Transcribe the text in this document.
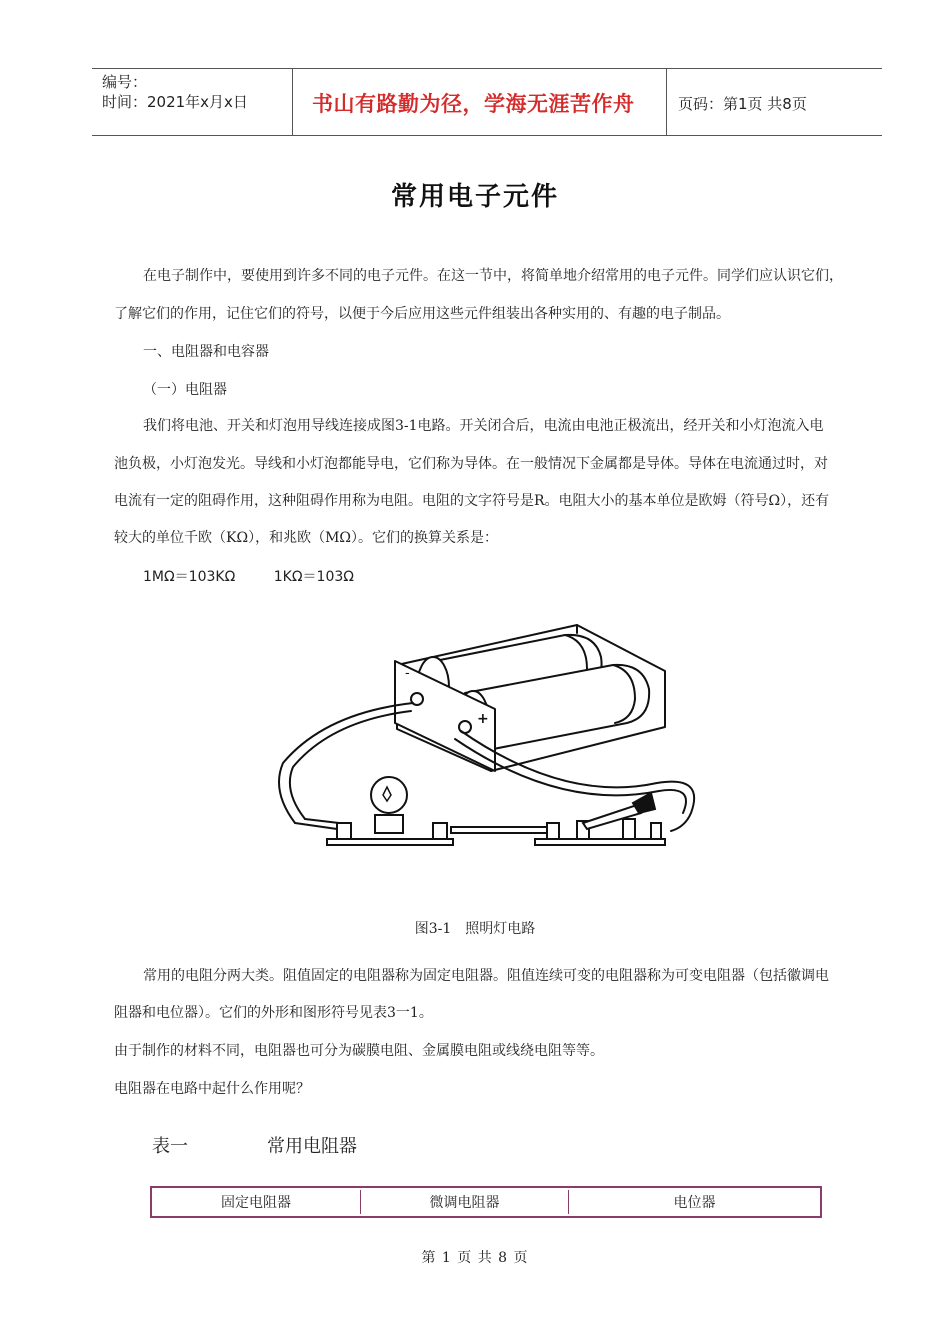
编号：
时间：2021年x月x日	书山有路勤为径，学海无涯苦作舟	页码：第1页 共8页
常用电子元件
在电子制作中，要使用到许多不同的电子元件。在这一节中，将简单地介绍常用的电子元件。同学们应认识它们，
了解它们的作用，记住它们的符号，以便于今后应用这些元件组装出各种实用的、有趣的电子制品。
一、电阻器和电容器
（一）电阻器
我们将电池、开关和灯泡用导线连接成图3-1电路。开关闭合后，电流由电池正极流出，经开关和小灯泡流入电
池负极，小灯泡发光。导线和小灯泡都能导电，它们称为导体。在一般情况下金属都是导体。导体在电流通过时，对
电流有一定的阻碍作用，这种阻碍作用称为电阻。电阻的文字符号是R。电阻大小的基本单位是欧姆（符号Ω），还有
较大的单位千欧（KΩ），和兆欧（MΩ）。它们的换算关系是：
1MΩ＝103KΩ	1KΩ＝103Ω
-
+
图3-1　照明灯电路
常用的电阻分两大类。阻值固定的电阻器称为固定电阻器。阻值连续可变的电阻器称为可变电阻器（包括徽调电
阻器和电位器）。它们的外形和图形符号见表3一1。
由于制作的材料不同，电阻器也可分为碳膜电阻、金属膜电阻或线绕电阻等等。
电阻器在电路中起什么作用呢？
表一	常用电阻器
固定电阻器	微调电阻器	电位器
第 1 页 共 8 页
